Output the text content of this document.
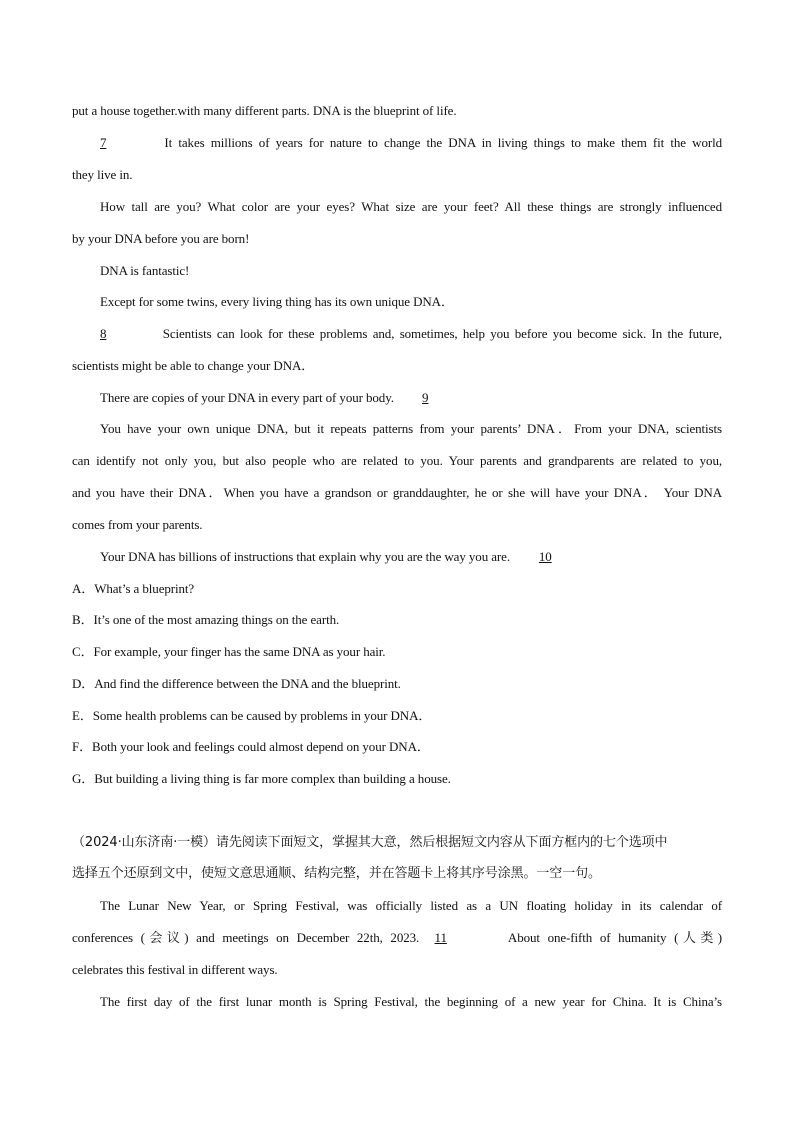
put a house together.with many different parts. DNA is the blueprint of life.
7	It takes millions of years for nature to change the DNA in living things to make them fit the world
they live in.
How tall are you? What color are your eyes? What size are your feet? All these things are strongly influenced
by your DNA before you are born!
DNA is fantastic!
Except for some twins, every living thing has its own unique DNA．
8	Scientists can look for these problems and, sometimes, help you before you become sick. In the future,
scientists might be able to change your DNA．
There are copies of your DNA in every part of your body. 9
You have your own unique DNA, but it repeats patterns from your parents’ DNA．From your DNA, scientists
can identify not only you, but also people who are related to you. Your parents and grandparents are related to you,
and you have their DNA．When you have a grandson or granddaughter, he or she will have your DNA． Your DNA
comes from your parents.
Your DNA has billions of instructions that explain why you are the way you are. 10
A．What’s a blueprint?
B．It’s one of the most amazing things on the earth.
C．For example, your finger has the same DNA as your hair.
D．And find the difference between the DNA and the blueprint.
E．Some health problems can be caused by problems in your DNA．
F．Both your look and feelings could almost depend on your DNA．
G．But building a living thing is far more complex than building a house.
（2024·山东济南·一模）请先阅读下面短文，掌握其大意，然后根据短文内容从下面方框内的七个选项中
选择五个还原到文中，使短文意思通顺、结构完整，并在答题卡上将其序号涂黑。一空一句。
The Lunar New Year, or Spring Festival, was officially listed as a UN floating holiday in its calendar of
conferences (会议) and meetings on December 22th, 2023. 11	About one-fifth of humanity (人类)
celebrates this festival in different ways.
The first day of the first lunar month is Spring Festival, the beginning of a new year for China. It is China’s
